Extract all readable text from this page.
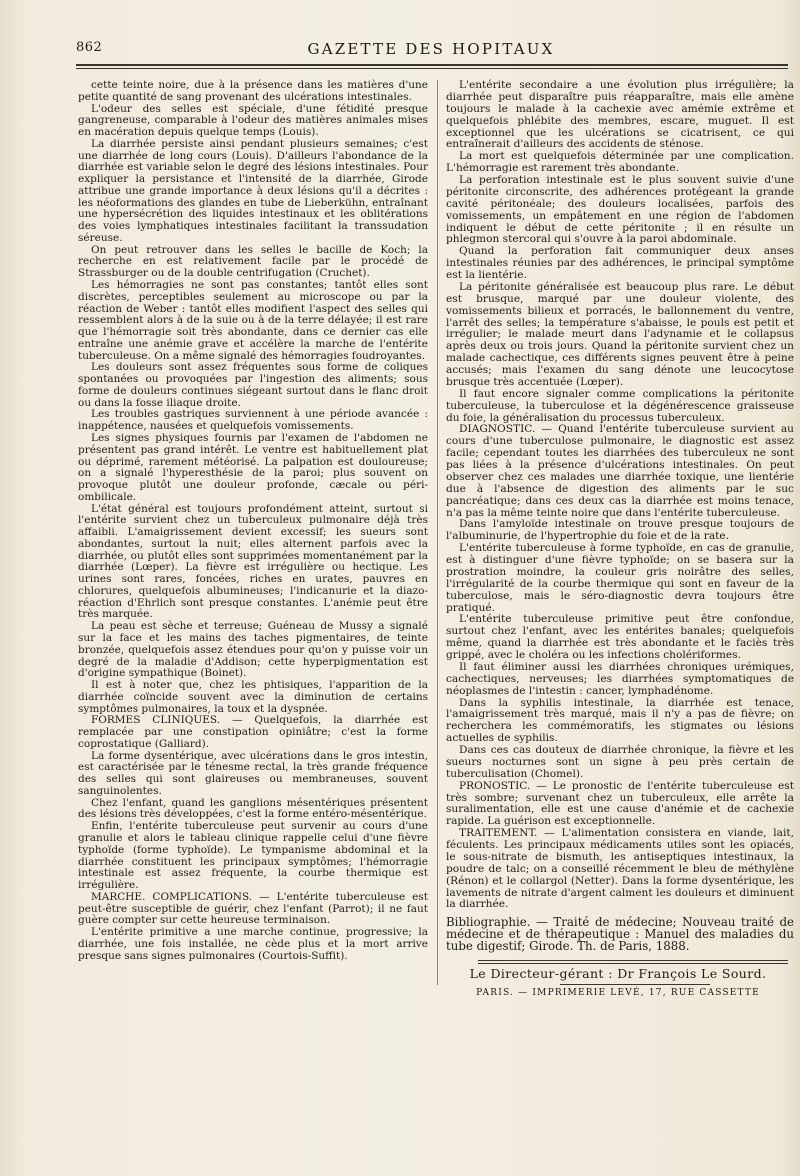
862	GAZETTE DES HOPITAUX

cette teinte noire, due à la présence dans les matières d'une petite quantité de sang provenant des ulcérations intestinales.

L'odeur des selles est spéciale, d'une fétidité presque gangreneuse, comparable à l'odeur des matières animales mises en macération depuis quelque temps (Louis).

La diarrhée persiste ainsi pendant plusieurs semaines; c'est une diarrhée de long cours (Louis). D'ailleurs l'abondance de la diarrhée est variable selon le degré des lésions intestinales. Pour expliquer la persistance et l'intensité de la diarrhée, Girode attribue une grande importance à deux lésions qu'il a décrites : les néoformations des glandes en tube de Lieberkühn, entraînant une hypersécrétion des liquides intestinaux et les oblitérations des voies lymphatiques intestinales facilitant la transsudation séreuse.

On peut retrouver dans les selles le bacille de Koch; la recherche en est relativement facile par le procédé de Strassburger ou de la double centrifugation (Cruchet).

Les hémorragies ne sont pas constantes; tantôt elles sont discrètes, perceptibles seulement au microscope ou par la réaction de Weber : tantôt elles modifient l'aspect des selles qui ressemblent alors à de la suie ou à de la terre délayée; il est rare que l'hémorragie soit très abondante, dans ce dernier cas elle entraîne une anémie grave et accélère la marche de l'entérite tuberculeuse. On a même signalé des hémorragies foudroyantes.

Les douleurs sont assez fréquentes sous forme de coliques spontanées ou provoquées par l'ingestion des aliments; sous forme de douleurs continues siégeant surtout dans le flanc droit ou dans la fosse iliaque droite.

Les troubles gastriques surviennent à une période avancée : inappétence, nausées et quelquefois vomissements.

Les signes physiques fournis par l'examen de l'abdomen ne présentent pas grand intérêt. Le ventre est habituellement plat ou déprimé, rarement météorisé. La palpation est douloureuse; on a signalé l'hyperesthésie de la paroi; plus souvent on provoque plutôt une douleur profonde, cæcale ou péri-ombilicale.

L'état général est toujours profondément atteint, surtout si l'entérite survient chez un tuberculeux pulmonaire déjà très affaibli. L'amaigrissement devient excessif; les sueurs sont abondantes, surtout la nuit; elles alternent parfois avec la diarrhée, ou plutôt elles sont supprimées momentanément par la diarrhée (Lœper). La fièvre est irrégulière ou hectique. Les urines sont rares, foncées, riches en urates, pauvres en chlorures, quelquefois albumineuses; l'indicanurie et la diazo-réaction d'Ehrlich sont presque constantes. L'anémie peut être très marquée.

La peau est sèche et terreuse; Guéneau de Mussy a signalé sur la face et les mains des taches pigmentaires, de teinte bronzée, quelquefois assez étendues pour qu'on y puisse voir un degré de la maladie d'Addison; cette hyperpigmentation est d'origine sympathique (Boinet).

Il est à noter que, chez les phtisiques, l'apparition de la diarrhée coïncide souvent avec la diminution de certains symptômes pulmonaires, la toux et la dyspnée.

FORMES CLINIQUES. — Quelquefois, la diarrhée est remplacée par une constipation opiniâtre; c'est la forme coprostatique (Galliard).

La forme dysentérique, avec ulcérations dans le gros intestin, est caractérisée par le ténesme rectal, la très grande fréquence des selles qui sont glaireuses ou membraneuses, souvent sanguinolentes.

Chez l'enfant, quand les ganglions mésentériques présentent des lésions très développées, c'est la forme entéro-mésentérique.

Enfin, l'entérite tuberculeuse peut survenir au cours d'une granulie et alors le tableau clinique rappelle celui d'une fièvre typhoïde (forme typhoïde). Le tympanisme abdominal et la diarrhée constituent les principaux symptômes; l'hémorragie intestinale est assez fréquente, la courbe thermique est irrégulière.

MARCHE. COMPLICATIONS. — L'entérite tuberculeuse est peut-être susceptible de guérir, chez l'enfant (Parrot); il ne faut guère compter sur cette heureuse terminaison.

L'entérite primitive a une marche continue, progressive; la diarrhée, une fois installée, ne cède plus et la mort arrive presque sans signes pulmonaires (Courtois-Suffit).

L'entérite secondaire a une évolution plus irrégulière; la diarrhée peut disparaître puis réapparaître, mais elle amène toujours le malade à la cachexie avec amémie extrême et quelquefois phlébite des membres, escare, muguet. Il est exceptionnel que les ulcérations se cicatrisent, ce qui entraînerait d'ailleurs des accidents de sténose.

La mort est quelquefois déterminée par une complication. L'hémorragie est rarement très abondante.

La perforation intestinale est le plus souvent suivie d'une péritonite circonscrite, des adhérences protégeant la grande cavité péritonéale; des douleurs localisées, parfois des vomissements, un empâtement en une région de l'abdomen indiquent le début de cette péritonite ; il en résulte un phlegmon stercoral qui s'ouvre à la paroi abdominale.

Quand la perforation fait communiquer deux anses intestinales réunies par des adhérences, le principal symptôme est la lientérie.

La péritonite généralisée est beaucoup plus rare. Le début est brusque, marqué par une douleur violente, des vomissements bilieux et porracés, le ballonnement du ventre, l'arrêt des selles; la température s'abaisse, le pouls est petit et irrégulier; le malade meurt dans l'adynamie et le collapsus après deux ou trois jours. Quand la péritonite survient chez un malade cachectique, ces différents signes peuvent être à peine accusés; mais l'examen du sang dénote une leucocytose brusque très accentuée (Lœper).

Il faut encore signaler comme complications la péritonite tuberculeuse, la tuberculose et la dégénérescence graisseuse du foie, la généralisation du processus tuberculeux.

DIAGNOSTIC. — Quand l'entérite tuberculeuse survient au cours d'une tuberculose pulmonaire, le diagnostic est assez facile; cependant toutes les diarrhées des tuberculeux ne sont pas liées à la présence d'ulcérations intestinales. On peut observer chez ces malades une diarrhée toxique, une lientérie due à l'absence de digestion des aliments par le suc pancréatique; dans ces deux cas la diarrhée est moins tenace, n'a pas la même teinte noire que dans l'entérite tuberculeuse.

Dans l'amyloïde intestinale on trouve presque toujours de l'albuminurie, de l'hypertrophie du foie et de la rate.

L'entérite tuberculeuse à forme typhoïde, en cas de granulie, est à distinguer d'une fièvre typhoïde; on se basera sur la prostration moindre, la couleur gris noirâtre des selles, l'irrégularité de la courbe thermique qui sont en faveur de la tuberculose, mais le séro-diagnostic devra toujours être pratiqué.

L'entérite tuberculeuse primitive peut être confondue, surtout chez l'enfant, avec les entérites banales; quelquefois même, quand la diarrhée est très abondante et le faciès très grippé, avec le choléra ou les infections cholériformes.

Il faut éliminer aussi les diarrhées chroniques urémiques, cachectiques, nerveuses; les diarrhées symptomatiques de néoplasmes de l'intestin : cancer, lymphadénome.

Dans la syphilis intestinale, la diarrhée est tenace, l'amaigrissement très marqué, mais il n'y a pas de fièvre; on recherchera les commémoratifs, les stigmates ou lésions actuelles de syphilis.

Dans ces cas douteux de diarrhée chronique, la fièvre et les sueurs nocturnes sont un signe à peu près certain de tuberculisation (Chomel).

PRONOSTIC. — Le pronostic de l'entérite tuberculeuse est très sombre; survenant chez un tuberculeux, elle arrête la suralimentation, elle est une cause d'anémie et de cachexie rapide. La guérison est exceptionnelle.

TRAITEMENT. — L'alimentation consistera en viande, lait, féculents. Les principaux médicaments utiles sont les opiacés, le sous-nitrate de bismuth, les antiseptiques intestinaux, la poudre de talc; on a conseillé récemment le bleu de méthylène (Rénon) et le collargol (Netter). Dans la forme dysentérique, les lavements de nitrate d'argent calment les douleurs et diminuent la diarrhée.

Bibliographie. — Traité de médecine; Nouveau traité de médecine et de thérapeutique : Manuel des maladies du tube digestif; Girode. Th. de Paris, 1888.

Le Directeur-gérant : Dr François Le Sourd.
PARIS. — IMPRIMERIE LEVÉ, 17, RUE CASSETTE
